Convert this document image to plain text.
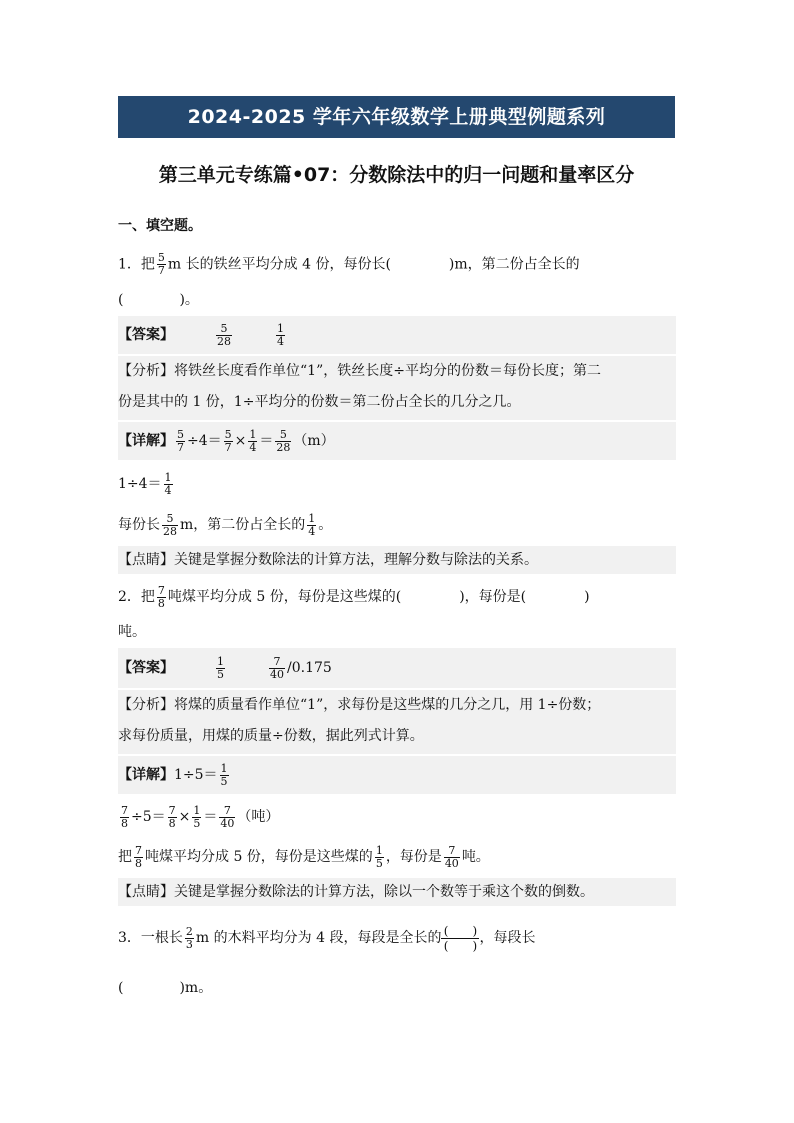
2024-2025 学年六年级数学上册典型例题系列
第三单元专练篇•07：分数除法中的归一问题和量率区分
一、填空题。
1．把 $\frac{5}{7}$ m 长的铁丝平均分成 4 份，每份长(	)m，第二份占全长的
(　　　　)。
【答案】	$\frac{5}{28}$	$\frac{1}{4}$
【分析】将铁丝长度看作单位“1”，铁丝长度÷平均分的份数＝每份长度；第二
份是其中的 1 份，1÷平均分的份数＝第二份占全长的几分之几。
【详解】 $\frac{5}{7} \div 4= \frac{5}{7} \times \frac{1}{4} = \frac{5}{28} (m)$
$1\div 4= \frac{1}{4}$
每份长 $\frac{5}{28}$ m，第二份占全长的 $\frac{1}{4}$ 。
【点睛】关键是掌握分数除法的计算方法，理解分数与除法的关系。
2．把 $\frac{7}{8}$ 吨煤平均分成 5 份，每份是这些煤的(	)，每份是(	)
吨。
【答案】	$\frac{1}{5}$	$\frac{7}{40} /0.175$
【分析】将煤的质量看作单位“1”，求每份是这些煤的几分之几，用 1÷份数；
求每份质量，用煤的质量÷份数，据此列式计算。
【详解】$1\div 5= \frac{1}{5}$
$\frac{7}{8} \div 5= \frac{7}{8} \times \frac{1}{5} = \frac{7}{40}$ （吨）
把 $\frac{7}{8}$ 吨煤平均分成 5 份，每份是这些煤的 $\frac{1}{5}$ ，每份是 $\frac{7}{40}$ 吨。
【点睛】关键是掌握分数除法的计算方法，除以一个数等于乘这个数的倒数。
3．一根长 $\frac{2}{3}$ m 的木料平均分为 4 段，每段是全长的 $\frac{( )}{( )}$ ，每段长
(　　　　)m。
